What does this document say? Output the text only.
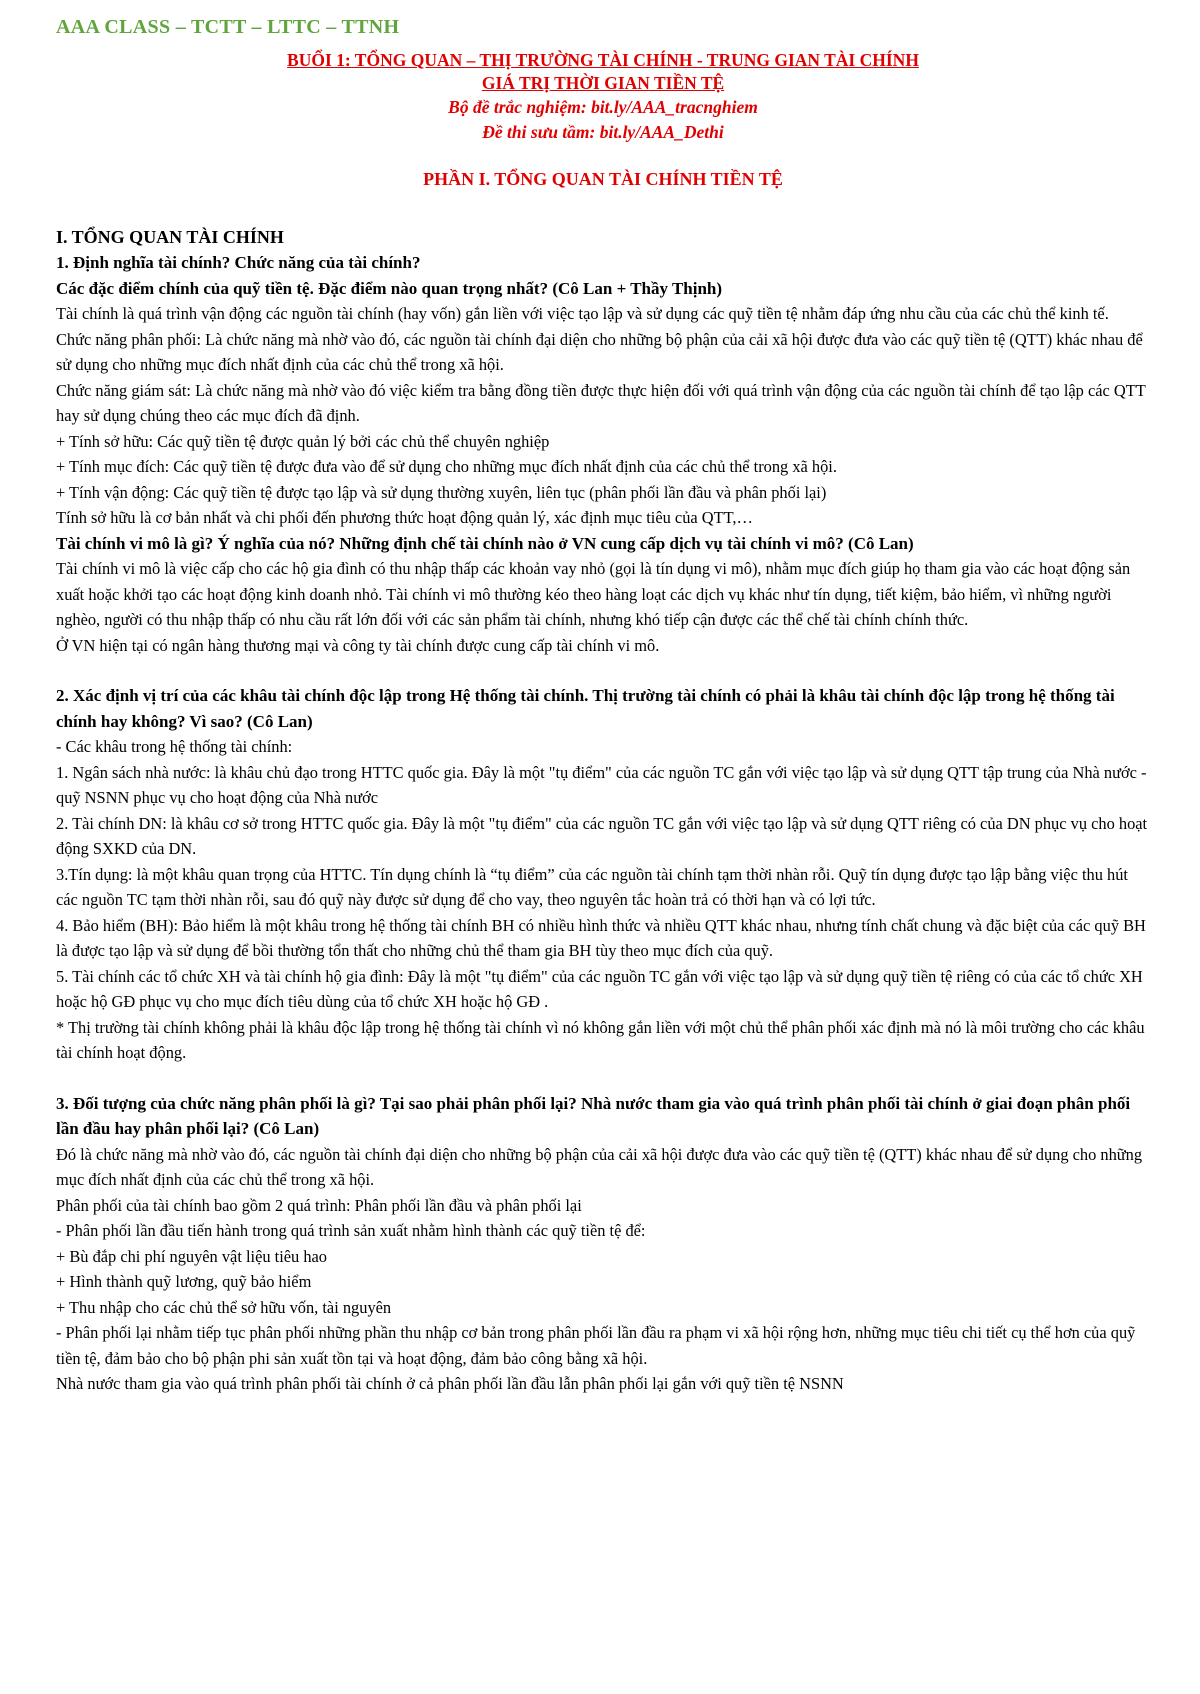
AAA CLASS – TCTT – LTTC – TTNH
BUỔI 1: TỔNG QUAN – THỊ TRƯỜNG TÀI CHÍNH - TRUNG GIAN TÀI CHÍNH
GIÁ TRỊ THỜI GIAN TIỀN TỆ
Bộ đề trắc nghiệm: bit.ly/AAA_tracnghiem
Đề thi sưu tầm: bit.ly/AAA_Dethi
PHẦN I. TỔNG QUAN TÀI CHÍNH TIỀN TỆ
I. TỔNG QUAN TÀI CHÍNH
1. Định nghĩa tài chính? Chức năng của tài chính?
Các đặc điểm chính của quỹ tiền tệ. Đặc điểm nào quan trọng nhất? (Cô Lan + Thầy Thịnh)
Tài chính là quá trình vận động các nguồn tài chính (hay vốn) gắn liền với việc tạo lập và sử dụng các quỹ tiền tệ nhằm đáp ứng nhu cầu của các chủ thể kinh tế.
Chức năng phân phối: Là chức năng mà nhờ vào đó, các nguồn tài chính đại diện cho những bộ phận của cải xã hội được đưa vào các quỹ tiền tệ (QTT) khác nhau để sử dụng cho những mục đích nhất định của các chủ thể trong xã hội.
Chức năng giám sát: Là chức năng mà nhờ vào đó việc kiểm tra bằng đồng tiền được thực hiện đối với quá trình vận động của các nguồn tài chính để tạo lập các QTT hay sử dụng chúng theo các mục đích đã định.
+ Tính sở hữu: Các quỹ tiền tệ được quản lý bởi các chủ thể chuyên nghiệp
+ Tính mục đích: Các quỹ tiền tệ được đưa vào để sử dụng cho những mục đích nhất định của các chủ thể trong xã hội.
+ Tính vận động: Các quỹ tiền tệ được tạo lập và sử dụng thường xuyên, liên tục (phân phối lần đầu và phân phối lại)
Tính sở hữu là cơ bản nhất và chi phối đến phương thức hoạt động quản lý, xác định mục tiêu của QTT,…
Tài chính vi mô là gì? Ý nghĩa của nó? Những định chế tài chính nào ở VN cung cấp dịch vụ tài chính vi mô? (Cô Lan)
Tài chính vi mô là việc cấp cho các hộ gia đình có thu nhập thấp các khoản vay nhỏ (gọi là tín dụng vi mô), nhằm mục đích giúp họ tham gia vào các hoạt động sản xuất hoặc khởi tạo các hoạt động kinh doanh nhỏ. Tài chính vi mô thường kéo theo hàng loạt các dịch vụ khác như tín dụng, tiết kiệm, bảo hiểm, vì những người nghèo, người có thu nhập thấp có nhu cầu rất lớn đối với các sản phẩm tài chính, nhưng khó tiếp cận được các thể chế tài chính chính thức.
Ở VN hiện tại có ngân hàng thương mại và công ty tài chính được cung cấp tài chính vi mô.
2. Xác định vị trí của các khâu tài chính độc lập trong Hệ thống tài chính. Thị trường tài chính có phải là khâu tài chính độc lập trong hệ thống tài chính hay không? Vì sao? (Cô Lan)
- Các khâu trong hệ thống tài chính:
1. Ngân sách nhà nước: là khâu chủ đạo trong HTTC quốc gia. Đây là một "tụ điểm" của các nguồn TC gắn với việc tạo lập và sử dụng QTT tập trung của Nhà nước - quỹ NSNN phục vụ cho hoạt động của Nhà nước
2. Tài chính DN: là khâu cơ sở trong HTTC quốc gia. Đây là một "tụ điểm" của các nguồn TC gắn với việc tạo lập và sử dụng QTT riêng có của DN phục vụ cho hoạt động SXKD của DN.
3.Tín dụng: là một khâu quan trọng của HTTC. Tín dụng chính là “tụ điểm” của các nguồn tài chính tạm thời nhàn rỗi. Quỹ tín dụng được tạo lập bằng việc thu hút các nguồn TC tạm thời nhàn rỗi, sau đó quỹ này được sử dụng để cho vay, theo nguyên tắc hoàn trả có thời hạn và có lợi tức.
4. Bảo hiểm (BH): Bảo hiểm là một khâu trong hệ thống tài chính BH có nhiều hình thức và nhiều QTT khác nhau, nhưng tính chất chung và đặc biệt của các quỹ BH là được tạo lập và sử dụng để bồi thường tổn thất cho những chủ thể tham gia BH tùy theo mục đích của quỹ.
5. Tài chính các tổ chức XH và tài chính hộ gia đình: Đây là một "tụ điểm" của các nguồn TC gắn với việc tạo lập và sử dụng quỹ tiền tệ riêng có của các tổ chức XH hoặc hộ GĐ phục vụ cho mục đích tiêu dùng của tổ chức XH hoặc hộ GĐ .
* Thị trường tài chính không phải là khâu độc lập trong hệ thống tài chính vì nó không gắn liền với một chủ thể phân phối xác định mà nó là môi trường cho các khâu tài chính hoạt động.
3. Đối tượng của chức năng phân phối là gì? Tại sao phải phân phối lại? Nhà nước tham gia vào quá trình phân phối tài chính ở giai đoạn phân phối lần đầu hay phân phối lại? (Cô Lan)
Đó là chức năng mà nhờ vào đó, các nguồn tài chính đại diện cho những bộ phận của cải xã hội được đưa vào các quỹ tiền tệ (QTT) khác nhau để sử dụng cho những mục đích nhất định của các chủ thể trong xã hội.
Phân phối của tài chính bao gồm 2 quá trình: Phân phối lần đầu và phân phối lại
- Phân phối lần đầu tiến hành trong quá trình sản xuất nhằm hình thành các quỹ tiền tệ để:
+ Bù đắp chi phí nguyên vật liệu tiêu hao
+ Hình thành quỹ lương, quỹ bảo hiểm
+ Thu nhập cho các chủ thể sở hữu vốn, tài nguyên
- Phân phối lại nhằm tiếp tục phân phối những phần thu nhập cơ bản trong phân phối lần đầu ra phạm vi xã hội rộng hơn, những mục tiêu chi tiết cụ thể hơn của quỹ tiền tệ, đảm bảo cho bộ phận phi sản xuất tồn tại và hoạt động, đảm bảo công bằng xã hội.
Nhà nước tham gia vào quá trình phân phối tài chính ở cả phân phối lần đầu lẫn phân phối lại gắn với quỹ tiền tệ NSNN
